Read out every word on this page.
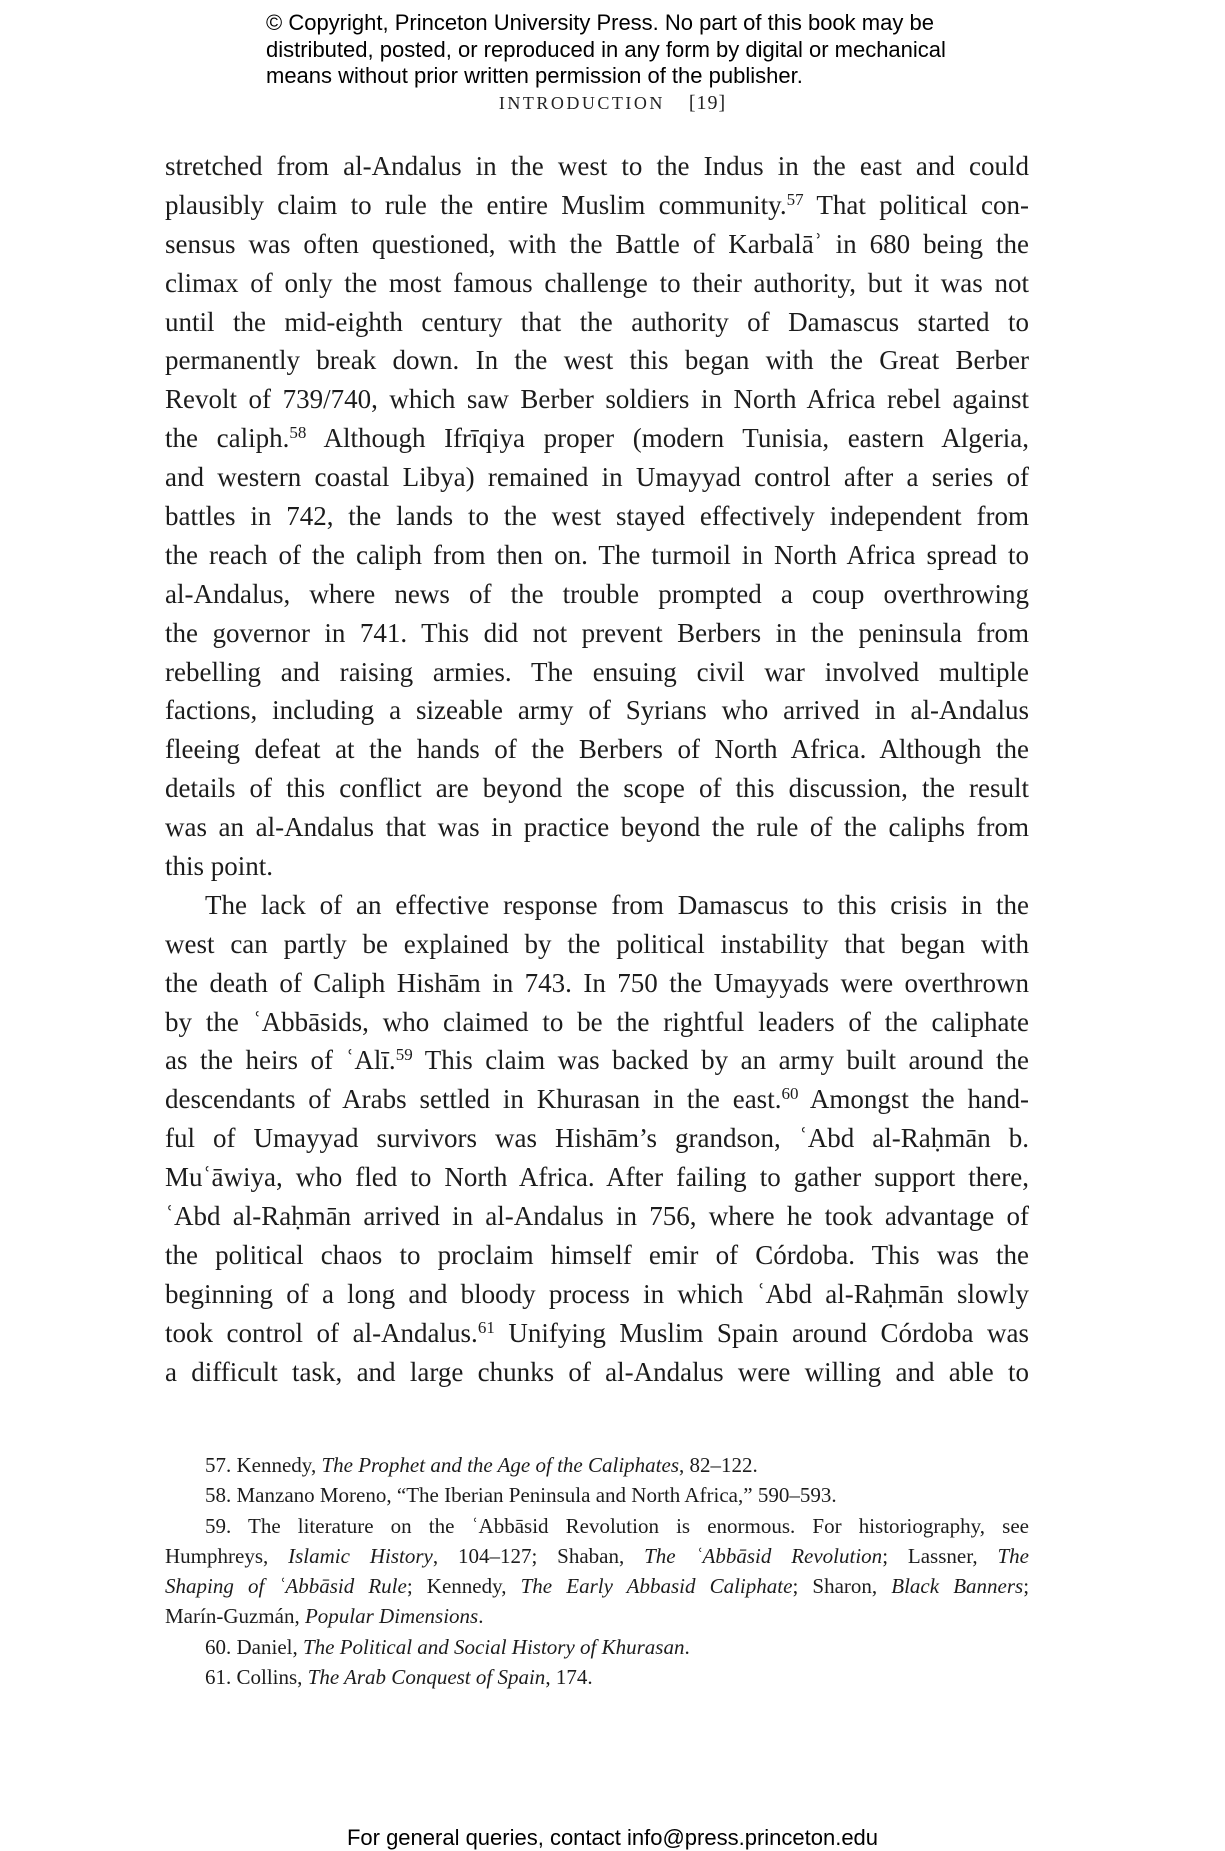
© Copyright, Princeton University Press. No part of this book may be
distributed, posted, or reproduced in any form by digital or mechanical
means without prior written permission of the publisher.
INTRODUCTION [19]
stretched from al-Andalus in the west to the Indus in the east and could
plausibly claim to rule the entire Muslim community.$^{57}$ That political con-
sensus was often questioned, with the Battle of Karbalāʾ in 680 being the
climax of only the most famous challenge to their authority, but it was not
until the mid-eighth century that the authority of Damascus started to
permanently break down. In the west this began with the Great Berber
Revolt of 739/740, which saw Berber soldiers in North Africa rebel against
the caliph.$^{58}$ Although Ifrīqiya proper (modern Tunisia, eastern Algeria,
and western coastal Libya) remained in Umayyad control after a series of
battles in 742, the lands to the west stayed effectively independent from
the reach of the caliph from then on. The turmoil in North Africa spread to
al-Andalus, where news of the trouble prompted a coup overthrowing
the governor in 741. This did not prevent Berbers in the peninsula from
rebelling and raising armies. The ensuing civil war involved multiple
factions, including a sizeable army of Syrians who arrived in al-Andalus
fleeing defeat at the hands of the Berbers of North Africa. Although the
details of this conflict are beyond the scope of this discussion, the result
was an al-Andalus that was in practice beyond the rule of the caliphs from
this point.
The lack of an effective response from Damascus to this crisis in the
west can partly be explained by the political instability that began with
the death of Caliph Hishām in 743. In 750 the Umayyads were overthrown
by the ʿAbbāsids, who claimed to be the rightful leaders of the caliphate
as the heirs of ʿAlī.$^{59}$ This claim was backed by an army built around the
descendants of Arabs settled in Khurasan in the east.$^{60}$ Amongst the hand-
ful of Umayyad survivors was Hishām’s grandson, ʿAbd al-Raḥmān b.
Muʿāwiya, who fled to North Africa. After failing to gather support there,
ʿAbd al-Raḥmān arrived in al-Andalus in 756, where he took advantage of
the political chaos to proclaim himself emir of Córdoba. This was the
beginning of a long and bloody process in which ʿAbd al-Raḥmān slowly
took control of al-Andalus.$^{61}$ Unifying Muslim Spain around Córdoba was
a difficult task, and large chunks of al-Andalus were willing and able to
57. Kennedy, The Prophet and the Age of the Caliphates, 82–122.
58. Manzano Moreno, “The Iberian Peninsula and North Africa,” 590–593.
59. The literature on the ʿAbbāsid Revolution is enormous. For historiography, see
Humphreys, Islamic History, 104–127; Shaban, The ʿAbbāsid Revolution; Lassner, The
Shaping of ʿAbbāsid Rule; Kennedy, The Early Abbasid Caliphate; Sharon, Black Banners;
Marín-Guzmán, Popular Dimensions.
60. Daniel, The Political and Social History of Khurasan.
61. Collins, The Arab Conquest of Spain, 174.
For general queries, contact info@press.princeton.edu
